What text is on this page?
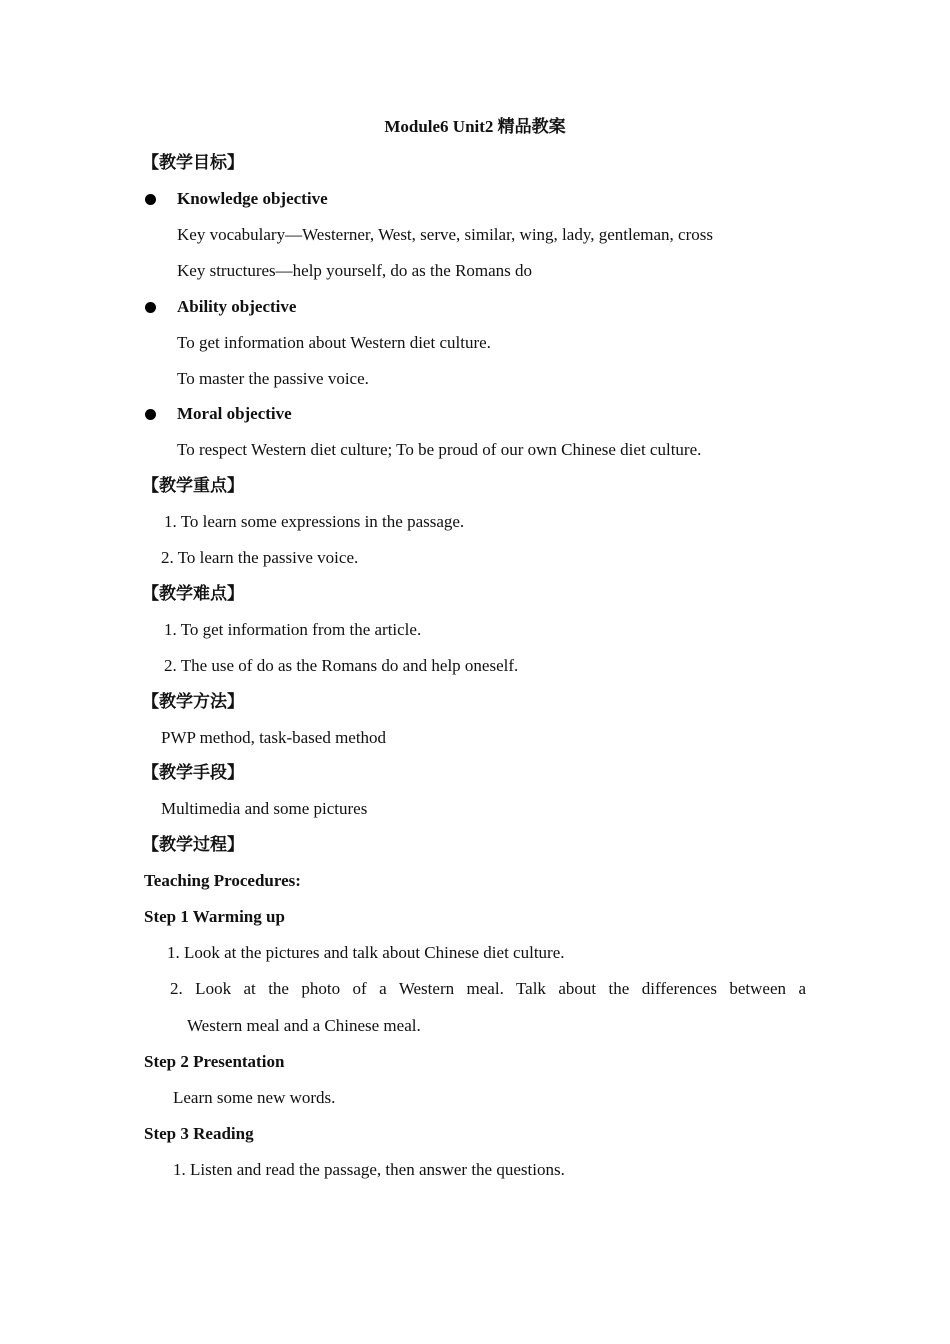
Module6 Unit2 精品教案
【教学目标】
Knowledge objective
Key vocabulary—Westerner, West, serve, similar, wing, lady, gentleman, cross
Key structures—help yourself, do as the Romans do
Ability objective
To get information about Western diet culture.
To master the passive voice.
Moral objective
To respect Western diet culture; To be proud of our own Chinese diet culture.
【教学重点】
1. To learn some expressions in the passage.
2. To learn the passive voice.
【教学难点】
1. To get information from the article.
2. The use of do as the Romans do and help oneself.
【教学方法】
PWP method, task-based method
【教学手段】
Multimedia and some pictures
【教学过程】
Teaching Procedures:
Step 1 Warming up
1. Look at the pictures and talk about Chinese diet culture.
2. Look at the photo of a Western meal. Talk about the differences between a
Western meal and a Chinese meal.
Step 2 Presentation
Learn some new words.
Step 3 Reading
1. Listen and read the passage, then answer the questions.
